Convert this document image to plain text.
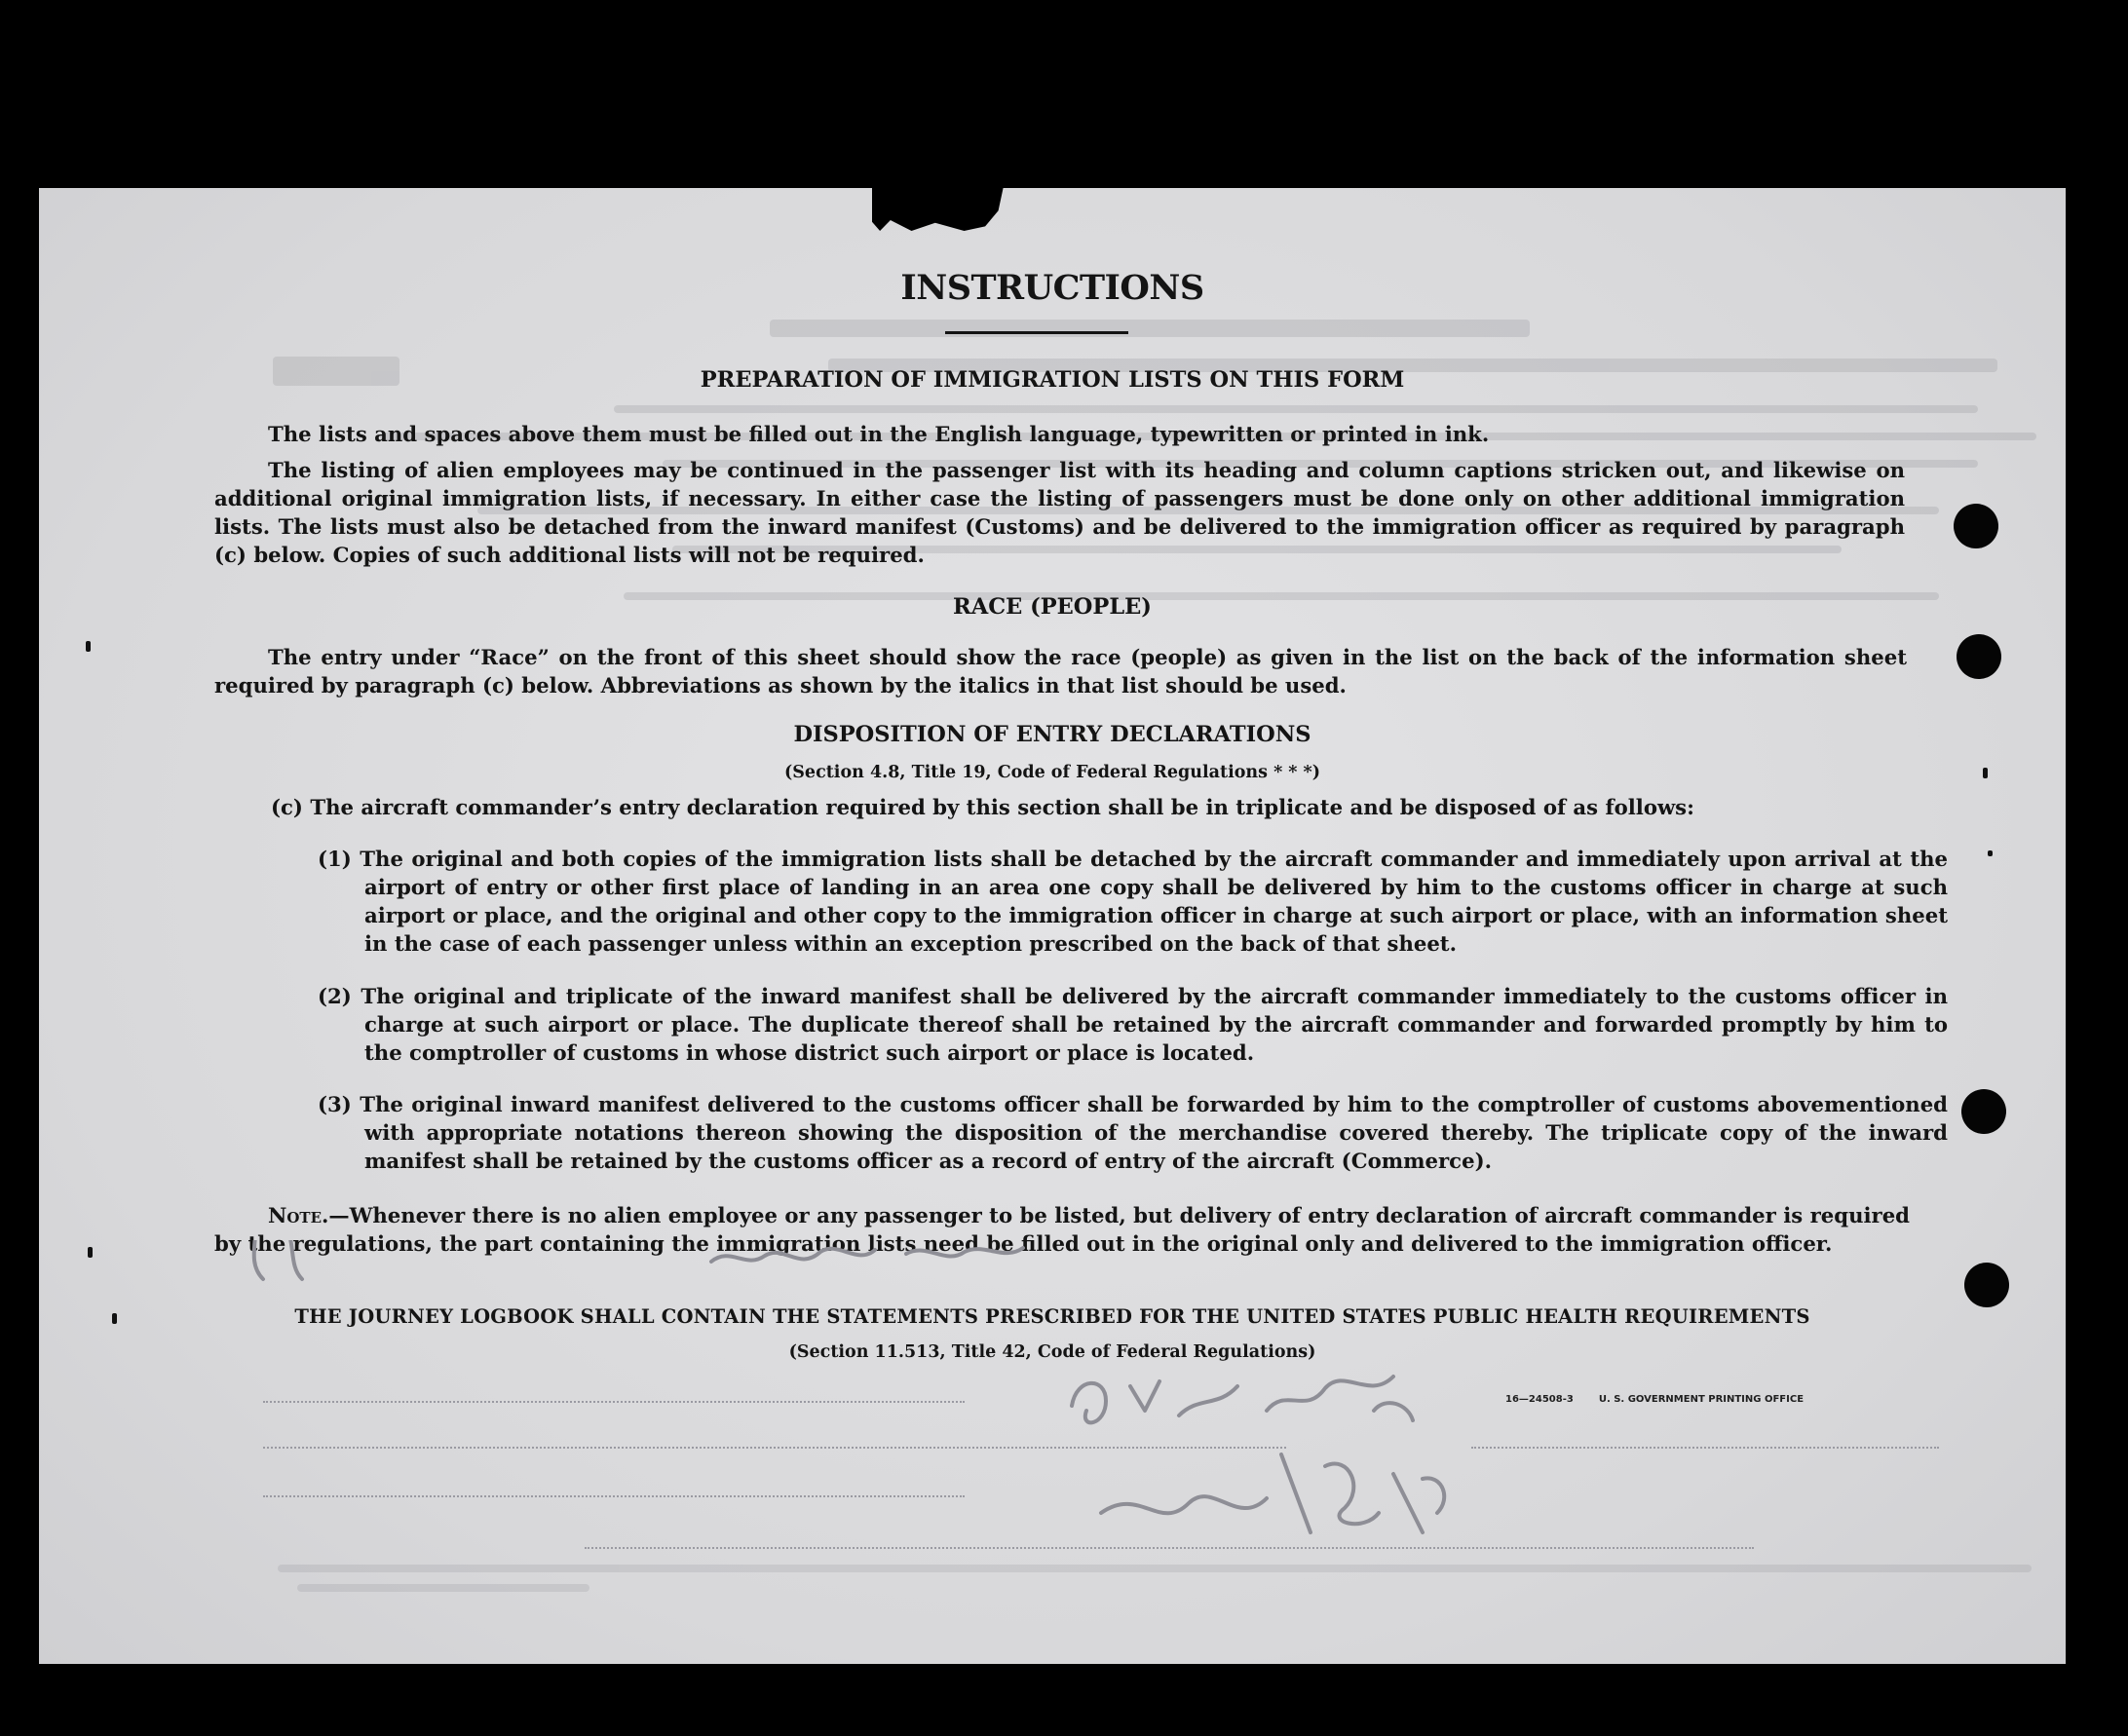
INSTRUCTIONS
PREPARATION OF IMMIGRATION LISTS ON THIS FORM

The lists and spaces above them must be filled out in the English language, typewritten or printed in ink.

The listing of alien employees may be continued in the passenger list with its heading and column captions stricken out, and likewise on additional original immigration lists, if necessary. In either case the listing of passengers must be done only on other additional immigration lists. The lists must also be detached from the inward manifest (Customs) and be delivered to the immigration officer as required by paragraph (c) below. Copies of such additional lists will not be required.

RACE (PEOPLE)

The entry under “Race” on the front of this sheet should show the race (people) as given in the list on the back of the information sheet required by paragraph (c) below. Abbreviations as shown by the italics in that list should be used.

DISPOSITION OF ENTRY DECLARATIONS

(Section 4.8, Title 19, Code of Federal Regulations * * *)

(c) The aircraft commander’s entry declaration required by this section shall be in triplicate and be disposed of as follows:

(1) The original and both copies of the immigration lists shall be detached by the aircraft commander and immediately upon arrival at the airport of entry or other first place of landing in an area one copy shall be delivered by him to the customs officer in charge at such airport or place, and the original and other copy to the immigration officer in charge at such airport or place, with an information sheet in the case of each passenger unless within an exception prescribed on the back of that sheet.

(2) The original and triplicate of the inward manifest shall be delivered by the aircraft commander immediately to the customs officer in charge at such airport or place. The duplicate thereof shall be retained by the aircraft commander and forwarded promptly by him to the comptroller of customs in whose district such airport or place is located.

(3) The original inward manifest delivered to the customs officer shall be forwarded by him to the comptroller of customs abovementioned with appropriate notations thereon showing the disposition of the merchandise covered thereby. The triplicate copy of the inward manifest shall be retained by the customs officer as a record of entry of the aircraft (Commerce).

Note.—Whenever there is no alien employee or any passenger to be listed, but delivery of entry declaration of aircraft commander is required by the regulations, the part containing the immigration lists need be filled out in the original only and delivered to the immigration officer.

THE JOURNEY LOGBOOK SHALL CONTAIN THE STATEMENTS PRESCRIBED FOR THE UNITED STATES PUBLIC HEALTH REQUIREMENTS

(Section 11.513, Title 42, Code of Federal Regulations)

16—24508-3	U. S. GOVERNMENT PRINTING OFFICE
